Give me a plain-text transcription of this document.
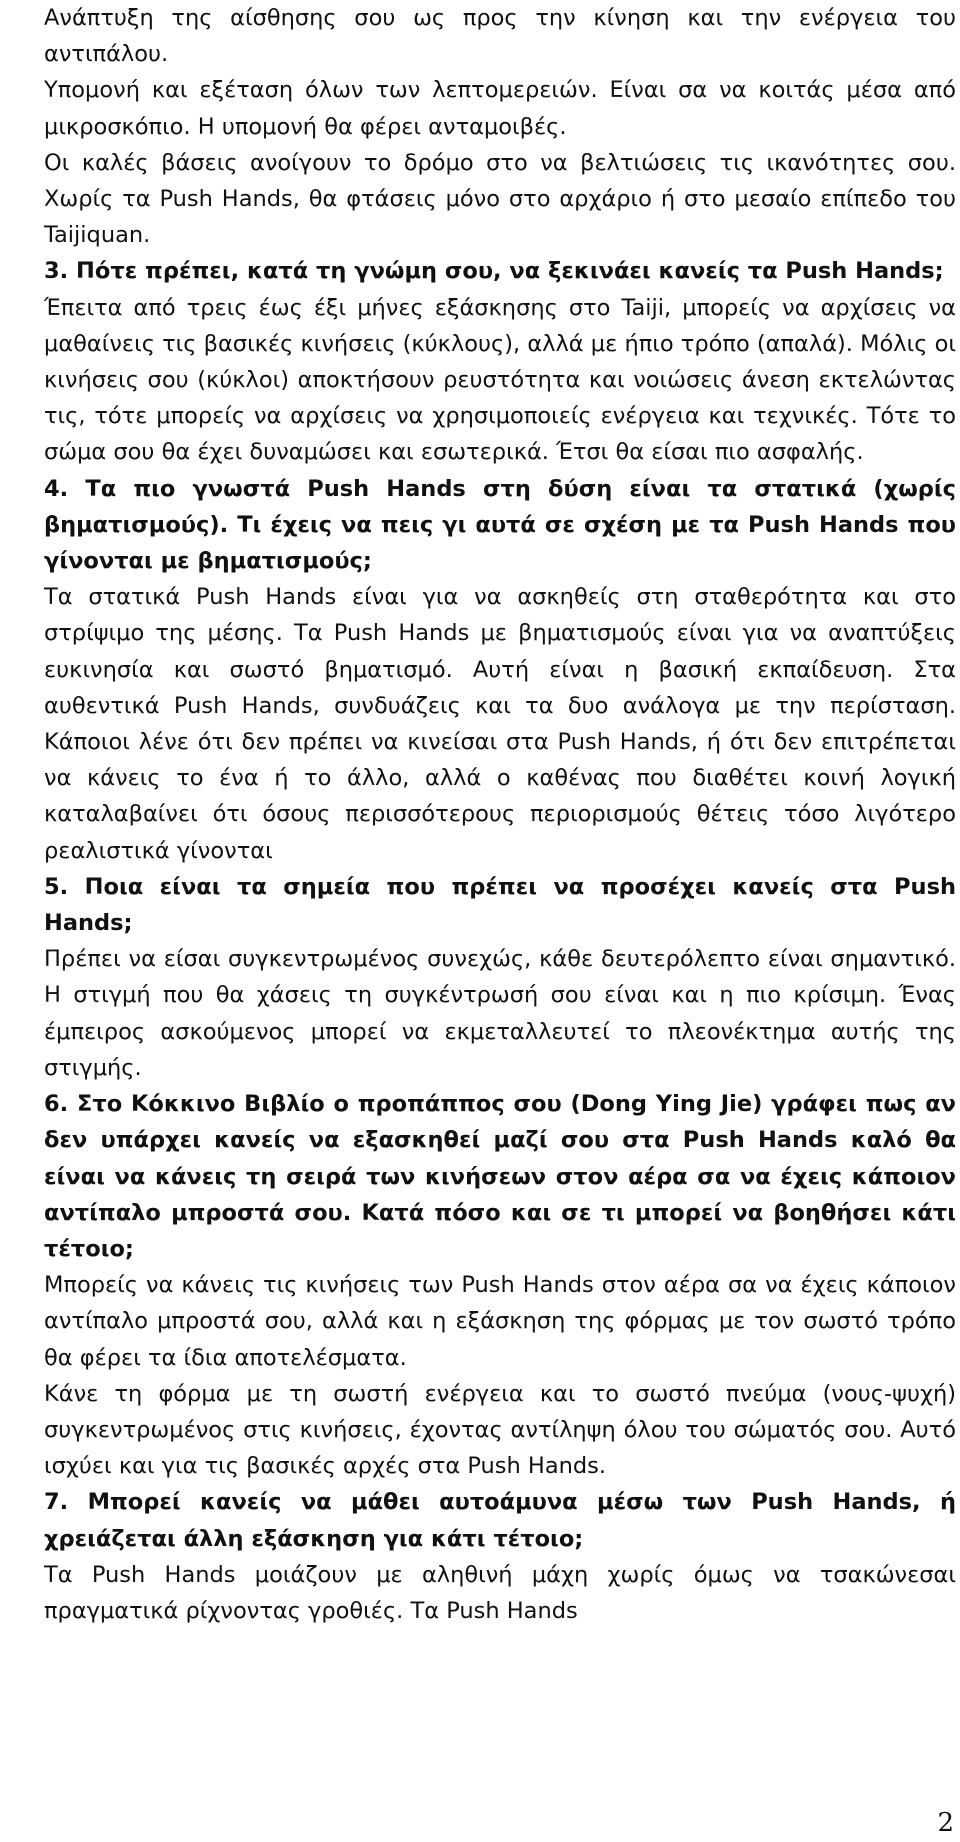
Ανάπτυξη της αίσθησης σου ως προς την κίνηση και την ενέργεια του αντιπάλου.

Υπομονή και εξέταση όλων των λεπτομερειών. Είναι σα να κοιτάς μέσα από μικροσκόπιο. Η υπομονή θα φέρει ανταμοιβές.

Οι καλές βάσεις ανοίγουν το δρόμο στο να βελτιώσεις τις ικανότητες σου. Χωρίς τα Push Hands, θα φτάσεις μόνο στο αρχάριο ή στο μεσαίο επίπεδο του Taijiquan.

3. Πότε πρέπει, κατά τη γνώμη σου, να ξεκινάει κανείς τα Push Hands;

Έπειτα από τρεις έως έξι μήνες εξάσκησης στο Taiji, μπορείς να αρχίσεις να μαθαίνεις τις βασικές κινήσεις (κύκλους), αλλά με ήπιο τρόπο (απαλά). Μόλις οι κινήσεις σου (κύκλοι) αποκτήσουν ρευστότητα και νοιώσεις άνεση εκτελώντας τις, τότε μπορείς να αρχίσεις να χρησιμοποιείς ενέργεια και τεχνικές. Τότε το σώμα σου θα έχει δυναμώσει και εσωτερικά. Έτσι θα είσαι πιο ασφαλής.

4. Τα πιο γνωστά Push Hands στη δύση είναι τα στατικά (χωρίς βηματισμούς). Τι έχεις να πεις γι αυτά σε σχέση με τα Push Hands που γίνονται με βηματισμούς;

Τα στατικά Push Hands είναι για να ασκηθείς στη σταθερότητα και στο στρίψιμο της μέσης. Τα Push Hands με βηματισμούς είναι για να αναπτύξεις ευκινησία και σωστό βηματισμό. Αυτή είναι η βασική εκπαίδευση. Στα αυθεντικά Push Hands, συνδυάζεις και τα δυο ανάλογα με την περίσταση. Κάποιοι λένε ότι δεν πρέπει να κινείσαι στα Push Hands, ή ότι δεν επιτρέπεται να κάνεις το ένα ή το άλλο, αλλά ο καθένας που διαθέτει κοινή λογική καταλαβαίνει ότι όσους περισσότερους περιορισμούς θέτεις τόσο λιγότερο ρεαλιστικά γίνονται

5. Ποια είναι τα σημεία που πρέπει να προσέχει κανείς στα Push Hands;

Πρέπει να είσαι συγκεντρωμένος συνεχώς, κάθε δευτερόλεπτο είναι σημαντικό. Η στιγμή που θα χάσεις τη συγκέντρωσή σου είναι και η πιο κρίσιμη. Ένας έμπειρος ασκούμενος μπορεί να εκμεταλλευτεί το πλεονέκτημα αυτής της στιγμής.

6. Στο Κόκκινο Βιβλίο ο προπάππος σου (Dong Ying Jie) γράφει πως αν δεν υπάρχει κανείς να εξασκηθεί μαζί σου στα Push Hands καλό θα είναι να κάνεις τη σειρά των κινήσεων στον αέρα σα να έχεις κάποιον αντίπαλο μπροστά σου. Κατά πόσο και σε τι μπορεί να βοηθήσει κάτι τέτοιο;

Μπορείς να κάνεις τις κινήσεις των Push Hands στον αέρα σα να έχεις κάποιον αντίπαλο μπροστά σου, αλλά και η εξάσκηση της φόρμας με τον σωστό τρόπο θα φέρει τα ίδια αποτελέσματα.

Κάνε τη φόρμα με τη σωστή ενέργεια και το σωστό πνεύμα (νους-ψυχή) συγκεντρωμένος στις κινήσεις, έχοντας αντίληψη όλου του σώματός σου. Αυτό ισχύει και για τις βασικές αρχές στα Push Hands.

7. Μπορεί κανείς να μάθει αυτοάμυνα μέσω των Push Hands, ή χρειάζεται άλλη εξάσκηση για κάτι τέτοιο;

Τα Push Hands μοιάζουν με αληθινή μάχη χωρίς όμως να τσακώνεσαι πραγματικά ρίχνοντας γροθιές. Τα Push Hands

2
